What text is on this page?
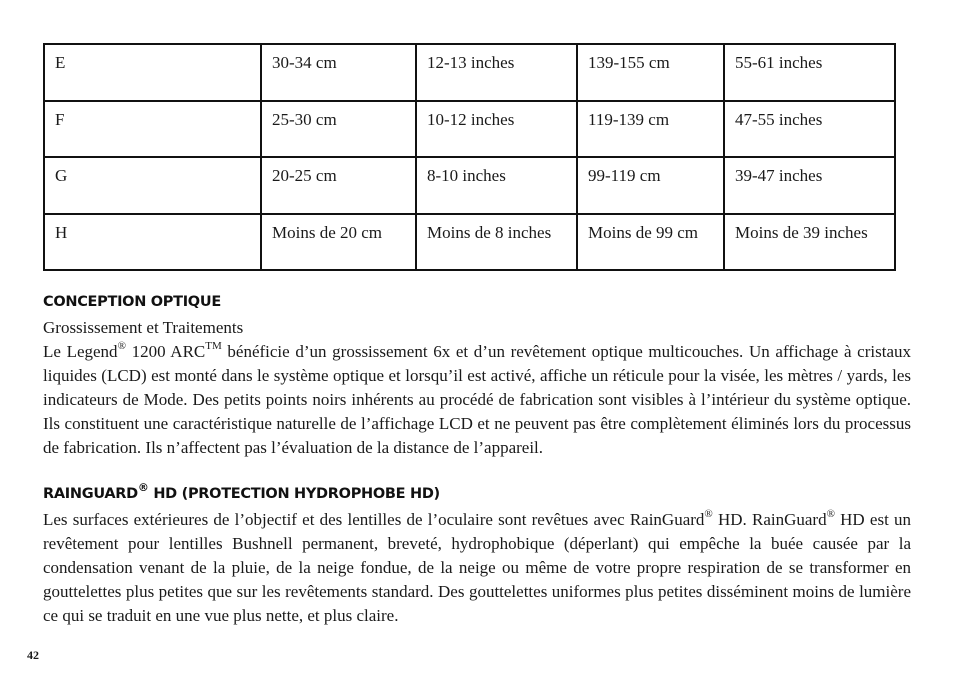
E	30-34 cm	12-13 inches	139-155 cm	55-61 inches
F	25-30 cm	10-12 inches	119-139 cm	47-55 inches
G	20-25 cm	8-10 inches	99-119 cm	39-47 inches
H	Moins de 20 cm	Moins de 8 inches	Moins de 99 cm	Moins de 39 inches
CONCEPTION OPTIQUE

Grossissement et Traitements

Le Legend® 1200 ARC™ bénéficie d’un grossissement 6x et d’un revêtement optique multicouches. Un affichage à cristaux liquides (LCD) est monté dans le système optique et lorsqu’il est activé, affiche un réticule pour la visée, les mètres / yards, les indicateurs de Mode. Des petits points noirs inhérents au procédé de fabrication sont visibles à l’intérieur du système optique. Ils constituent une caractéristique naturelle de l’affichage LCD et ne peuvent pas être complètement éliminés lors du processus de fabrication. Ils n’affectent pas l’évaluation de la distance de l’appareil.

RAINGUARD® HD (PROTECTION HYDROPHOBE HD)

Les surfaces extérieures de l’objectif et des lentilles de l’oculaire sont revêtues avec RainGuard® HD. RainGuard® HD est un revêtement pour lentilles Bushnell permanent, breveté, hydrophobique (déperlant) qui empêche la buée causée par la condensation venant de la pluie, de la neige fondue, de la neige ou même de votre propre respiration de se transformer en gouttelettes plus petites que sur les revêtements standard. Des gouttelettes uniformes plus petites disséminent moins de lumière ce qui se traduit en une vue plus nette, et plus claire.

42
